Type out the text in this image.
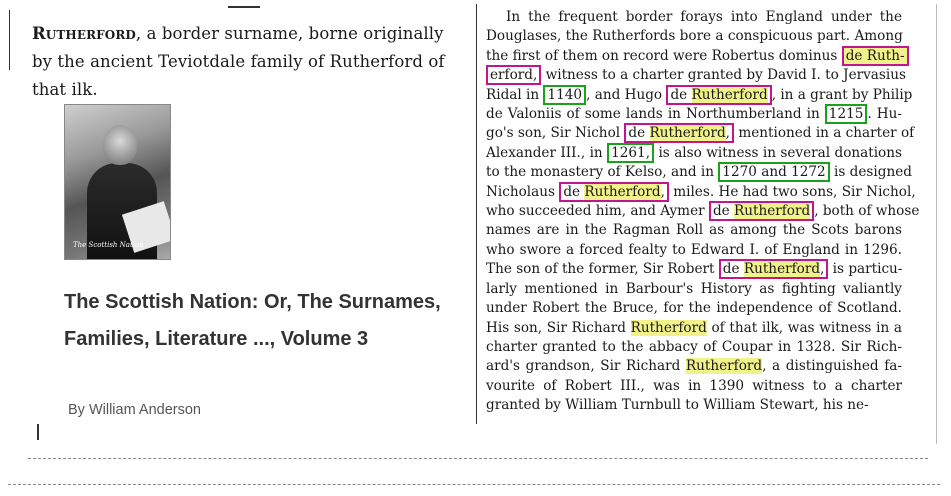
Rutherford, a border surname, borne originally by the ancient Teviotdale family of Rutherford of that ilk.
The Scottish Nation
The Scottish Nation: Or, The Surnames, Families, Literature ..., Volume 3
By William Anderson
In the frequent border forays into England under the
Douglases, the Rutherfords bore a conspicuous part. Among
the first of them on record were Robertus dominus de Ruth-
erford, witness to a charter granted by David I. to Jervasius
Ridal in 1140 , and Hugo de Rutherford , in a grant by Philip
de Valoniis of some lands in Northumberland in 1215 . Hu-
go's son, Sir Nichol de Rutherford, mentioned in a charter of
Alexander III., in 1261, is also witness in several donations
to the monastery of Kelso, and in 1270 and 1272 is designed
Nicholaus de Rutherford, miles. He had two sons, Sir Nichol,
who succeeded him, and Aymer de Rutherford , both of whose
names are in the Ragman Roll as among the Scots barons
who swore a forced fealty to Edward I. of England in 1296.
The son of the former, Sir Robert de Rutherford, is particu-
larly mentioned in Barbour's History as fighting valiantly
under Robert the Bruce, for the independence of Scotland.
His son, Sir Richard Rutherford of that ilk, was witness in a
charter granted to the abbacy of Coupar in 1328. Sir Rich-
ard's grandson, Sir Richard Rutherford, a distinguished fa-
vourite of Robert III., was in 1390 witness to a charter
granted by William Turnbull to William Stewart, his ne-
